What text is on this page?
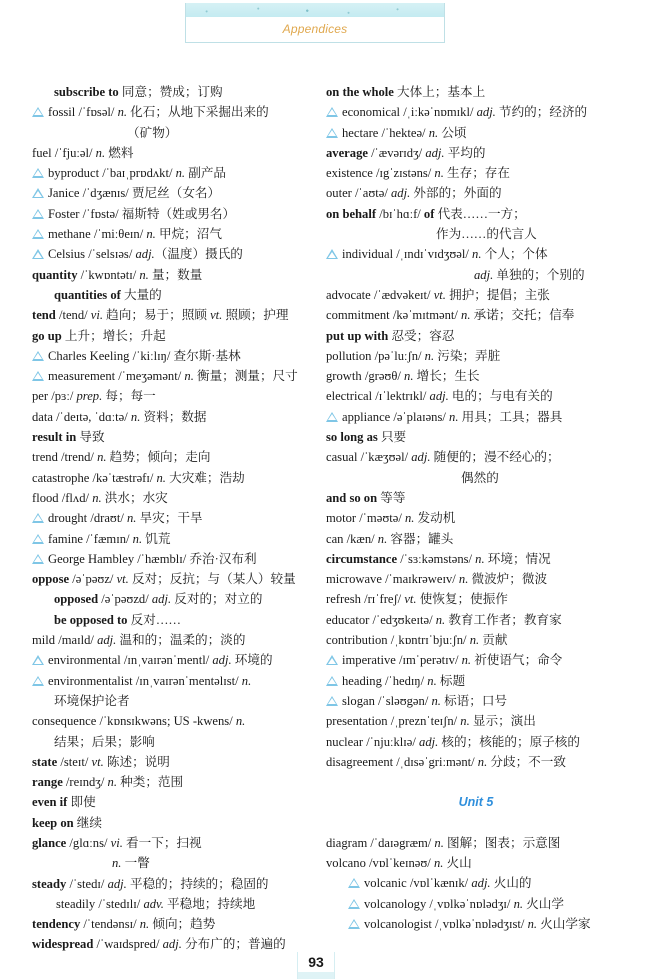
Appendices
subscribe to 同意；赞成；订购
fossil /ˈfɒsəl/ n. 化石；从地下采掘出来的
（矿物）
fuel /ˈfjuːəl/ n. 燃料
byproduct /ˈbaɪˌprɒdʌkt/ n. 副产品
Janice /ˈdʒænɪs/ 贾尼丝（女名）
Foster /ˈfɒstə/ 福斯特（姓或男名）
methane /ˈmiːθeɪn/ n. 甲烷；沼气
Celsius /ˈselsɪəs/ adj.（温度）摄氏的
quantity /ˈkwɒntətɪ/ n. 量；数量
quantities of 大量的
tend /tend/ vi. 趋向；易于；照顾 vt. 照顾；护理
go up 上升；增长；升起
Charles Keeling /ˈkiːlɪŋ/ 查尔斯·基林
measurement /ˈmeʒəmənt/ n. 衡量；测量；尺寸
per /pɜː/ prep. 每；每一
data /ˈdeɪtə, ˈdɑːtə/ n. 资料；数据
result in 导致
trend /trend/ n. 趋势；倾向；走向
catastrophe /kəˈtæstrəfɪ/ n. 大灾难；浩劫
flood /flʌd/ n. 洪水；水灾
drought /draʊt/ n. 旱灾；干旱
famine /ˈfæmɪn/ n. 饥荒
George Hambley /ˈhæmblɪ/ 乔治·汉布利
oppose /əˈpəʊz/ vt. 反对；反抗；与（某人）较量
opposed /əˈpəʊzd/ adj. 反对的；对立的
be opposed to 反对……
mild /maɪld/ adj. 温和的；温柔的；淡的
environmental /ɪnˌvaɪrənˈmentl/ adj. 环境的
environmentalist /ɪnˌvaɪrənˈmentəlɪst/ n.
环境保护论者
consequence /ˈkɒnsɪkwəns; US -kwens/ n.
结果；后果；影响
state /steɪt/ vt. 陈述；说明
range /reɪndʒ/ n. 种类；范围
even if 即使
keep on 继续
glance /glɑːns/ vi. 看一下；扫视
n. 一瞥
steady /ˈstedɪ/ adj. 平稳的；持续的；稳固的
steadily /ˈstedɪlɪ/ adv. 平稳地；持续地
tendency /ˈtendənsɪ/ n. 倾向；趋势
widespread /ˈwaɪdspred/ adj. 分布广的；普遍的
on the whole 大体上；基本上
economical /ˌiːkəˈnɒmɪkl/ adj. 节约的；经济的
hectare /ˈhekteə/ n. 公顷
average /ˈævərɪdʒ/ adj. 平均的
existence /ɪgˈzɪstəns/ n. 生存；存在
outer /ˈaʊtə/ adj. 外部的；外面的
on behalf /bɪˈhɑːf/ of 代表……一方；
作为……的代言人
individual /ˌɪndɪˈvɪdʒʊəl/ n. 个人；个体
adj. 单独的；个别的
advocate /ˈædvəkeɪt/ vt. 拥护；提倡；主张
commitment /kəˈmɪtmənt/ n. 承诺；交托；信奉
put up with 忍受；容忍
pollution /pəˈluːʃn/ n. 污染；弄脏
growth /grəʊθ/ n. 增长；生长
electrical /ɪˈlektrɪkl/ adj. 电的；与电有关的
appliance /əˈplaɪəns/ n. 用具；工具；器具
so long as 只要
casual /ˈkæʒʊəl/ adj. 随便的；漫不经心的；
偶然的
and so on 等等
motor /ˈməʊtə/ n. 发动机
can /kæn/ n. 容器；罐头
circumstance /ˈsɜːkəmstəns/ n. 环境；情况
microwave /ˈmaɪkrəweɪv/ n. 微波炉；微波
refresh /rɪˈfreʃ/ vt. 使恢复；使振作
educator /ˈedʒʊkeɪtə/ n. 教育工作者；教育家
contribution /ˌkɒntrɪˈbjuːʃn/ n. 贡献
imperative /ɪmˈperətɪv/ n. 祈使语气；命令
heading /ˈhedɪŋ/ n. 标题
slogan /ˈsləʊgən/ n. 标语；口号
presentation /ˌpreznˈteɪʃn/ n. 显示；演出
nuclear /ˈnjuːklɪə/ adj. 核的；核能的；原子核的
disagreement /ˌdɪsəˈgriːmənt/ n. 分歧；不一致
Unit 5
diagram /ˈdaɪəgræm/ n. 图解；图表；示意图
volcano /vɒlˈkeɪnəʊ/ n. 火山
volcanic /vɒlˈkænɪk/ adj. 火山的
volcanology /ˌvɒlkəˈnɒlədʒɪ/ n. 火山学
volcanologist /ˌvɒlkəˈnɒlədʒɪst/ n. 火山学家
93
